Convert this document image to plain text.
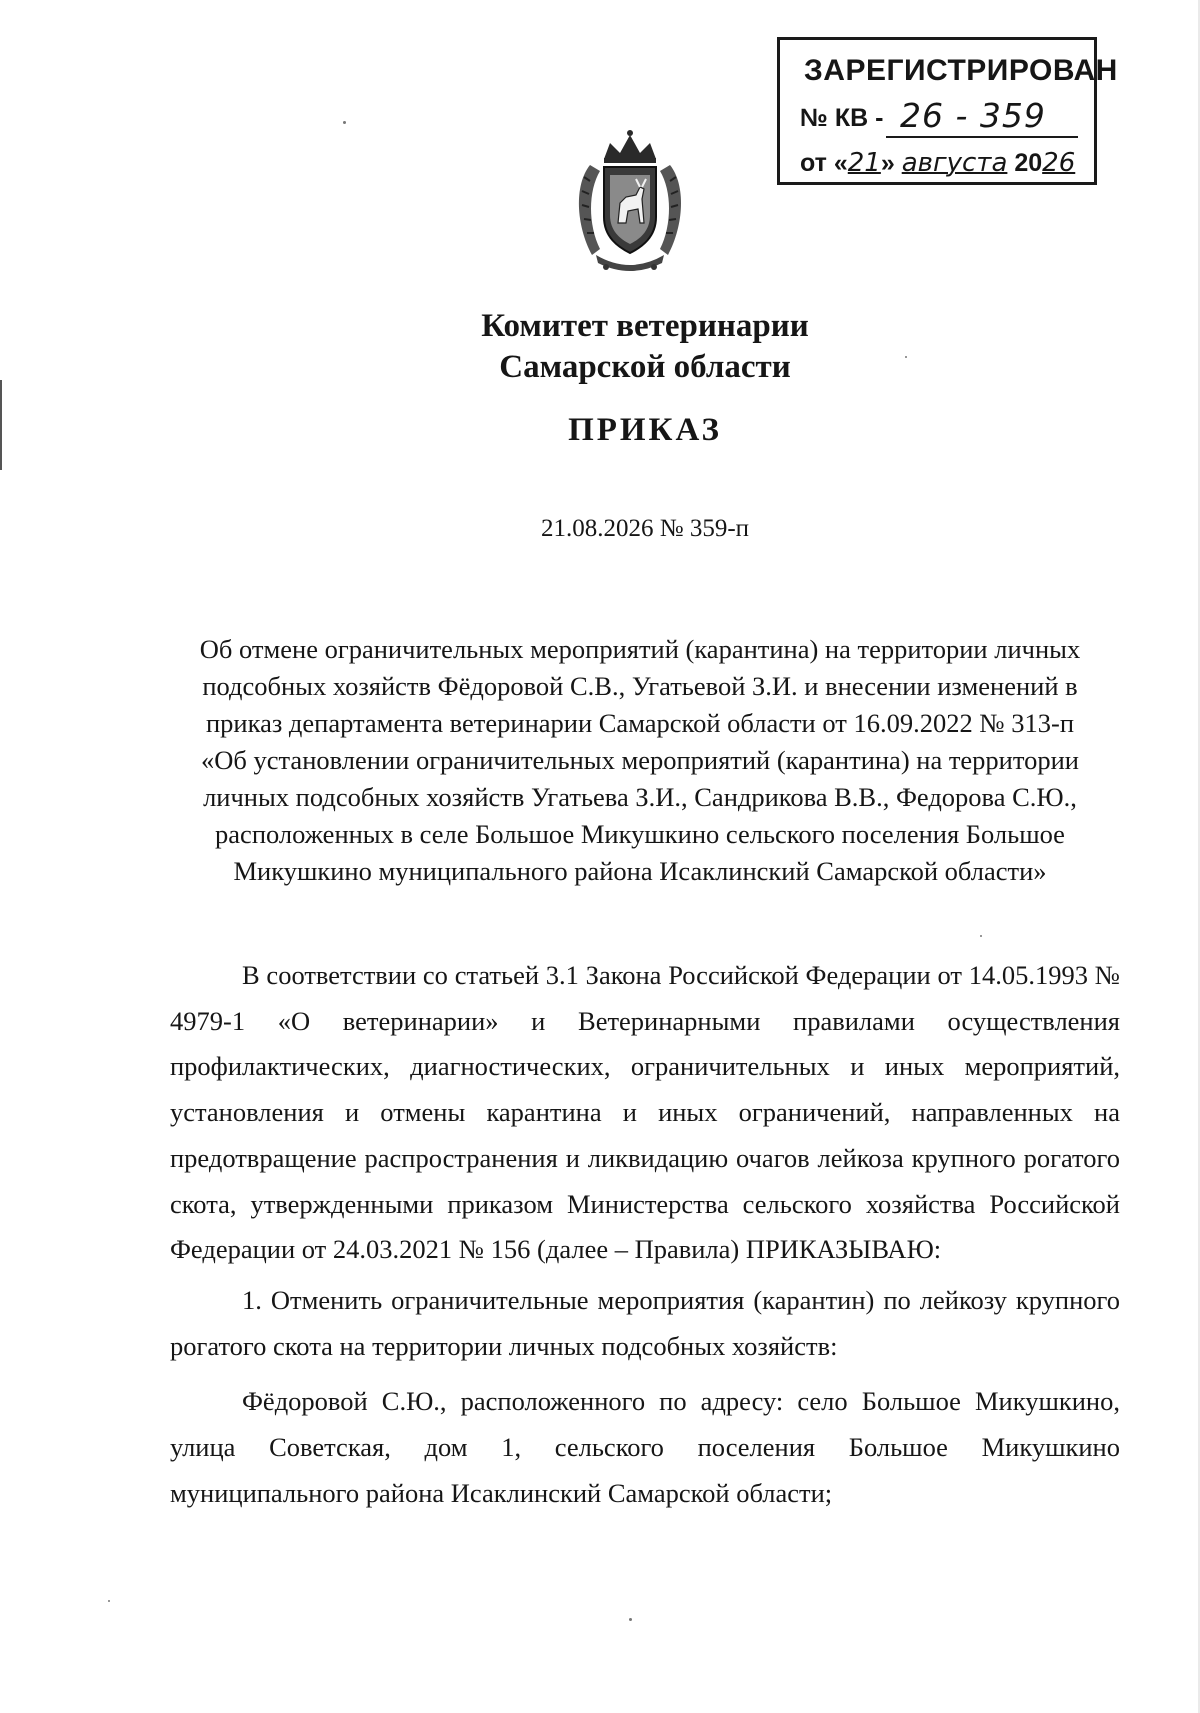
ЗАРЕГИСТРИРОВАН
№ КВ - 26 - 359
от «21» августа 2026
Комитет ветеринарии
Самарской области
ПРИКАЗ
21.08.2026 № 359-п
Об отмене ограничительных мероприятий (карантина) на территории личных
подсобных хозяйств Фёдоровой С.В., Угатьевой З.И. и внесении изменений в
приказ департамента ветеринарии Самарской области от 16.09.2022 № 313-п
«Об установлении ограничительных мероприятий (карантина) на территории
личных подсобных хозяйств Угатьева З.И., Сандрикова В.В., Федорова С.Ю.,
расположенных в селе Большое Микушкино сельского поселения Большое
Микушкино муниципального района Исаклинский Самарской области»

В соответствии со статьей 3.1 Закона Российской Федерации от 14.05.1993 № 4979-1 «О ветеринарии» и Ветеринарными правилами осуществления профилактических, диагностических, ограничительных и иных мероприятий, установления и отмены карантина и иных ограничений, направленных на предотвращение распространения и ликвидацию очагов лейкоза крупного рогатого скота, утвержденными приказом Министерства сельского хозяйства Российской Федерации от 24.03.2021 № 156 (далее – Правила) ПРИКАЗЫВАЮ:

1. Отменить ограничительные мероприятия (карантин) по лейкозу крупного рогатого скота на территории личных подсобных хозяйств:

Фёдоровой С.Ю., расположенного по адресу: село Большое Микушкино, улица Советская, дом 1, сельского поселения Большое Микушкино муниципального района Исаклинский Самарской области;
